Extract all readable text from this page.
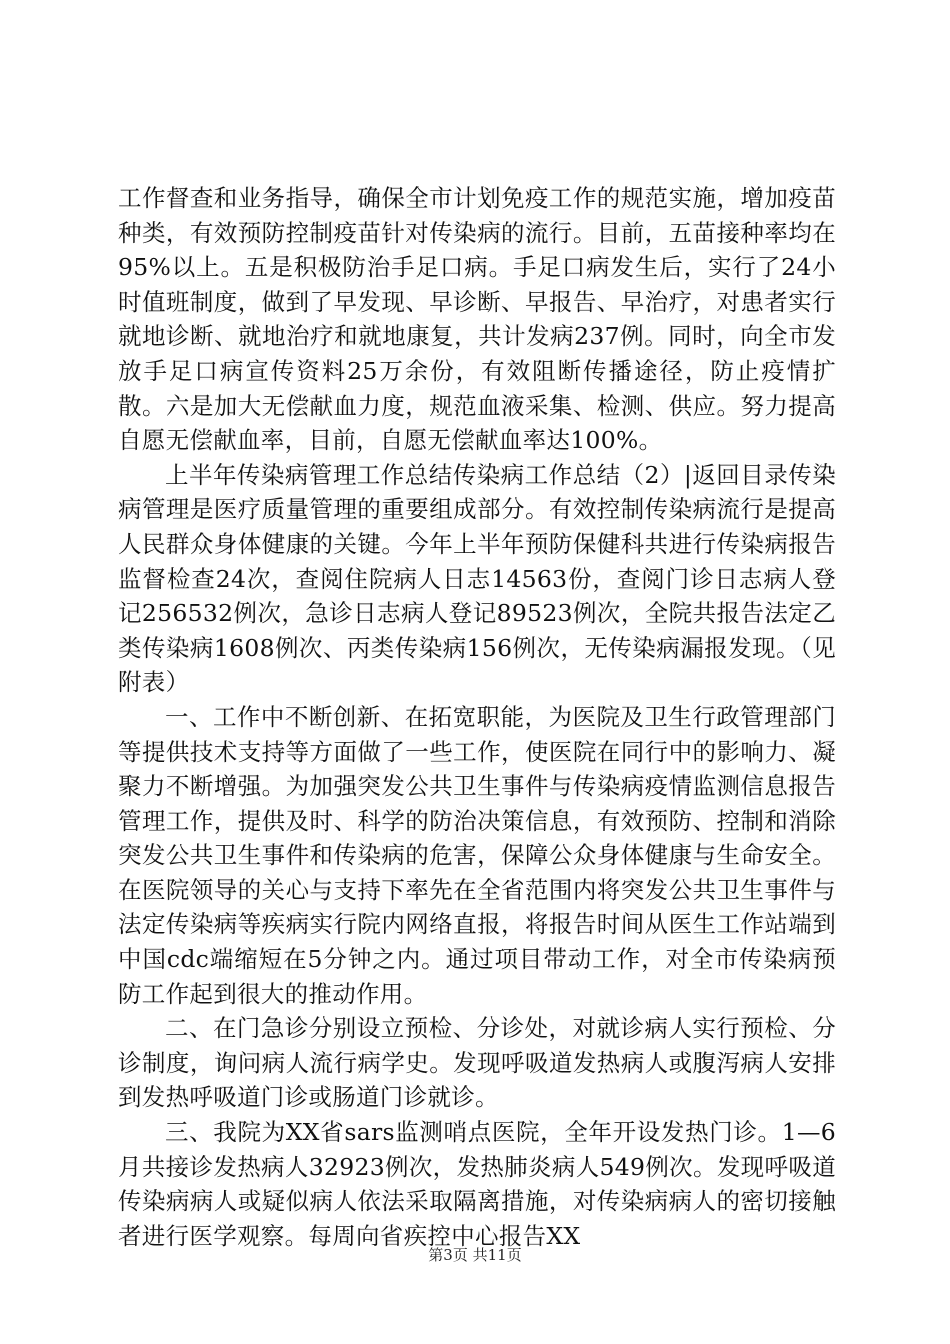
工作督查和业务指导，确保全市计划免疫工作的规范实施，增加疫苗种类，有效预防控制疫苗针对传染病的流行。目前，五苗接种率均在95%以上。五是积极防治手足口病。手足口病发生后，实行了24小时值班制度，做到了早发现、早诊断、早报告、早治疗，对患者实行就地诊断、就地治疗和就地康复，共计发病237例。同时，向全市发放手足口病宣传资料25万余份，有效阻断传播途径，防止疫情扩散。六是加大无偿献血力度，规范血液采集、检测、供应。努力提高自愿无偿献血率，目前，自愿无偿献血率达100%。

上半年传染病管理工作总结传染病工作总结（2）|返回目录传染病管理是医疗质量管理的重要组成部分。有效控制传染病流行是提高人民群众身体健康的关键。今年上半年预防保健科共进行传染病报告监督检查24次，查阅住院病人日志14563份，查阅门诊日志病人登记256532例次，急诊日志病人登记89523例次，全院共报告法定乙类传染病1608例次、丙类传染病156例次，无传染病漏报发现。（见附表）

一、工作中不断创新、在拓宽职能，为医院及卫生行政管理部门等提供技术支持等方面做了一些工作，使医院在同行中的影响力、凝聚力不断增强。为加强突发公共卫生事件与传染病疫情监测信息报告管理工作，提供及时、科学的防治决策信息，有效预防、控制和消除突发公共卫生事件和传染病的危害，保障公众身体健康与生命安全。在医院领导的关心与支持下率先在全省范围内将突发公共卫生事件与法定传染病等疾病实行院内网络直报，将报告时间从医生工作站端到中国cdc端缩短在5分钟之内。通过项目带动工作，对全市传染病预防工作起到很大的推动作用。

二、在门急诊分别设立预检、分诊处，对就诊病人实行预检、分诊制度，询问病人流行病学史。发现呼吸道发热病人或腹泻病人安排到发热呼吸道门诊或肠道门诊就诊。

三、我院为XX省sars监测哨点医院，全年开设发热门诊。1—6月共接诊发热病人32923例次，发热肺炎病人549例次。发现呼吸道传染病病人或疑似病人依法采取隔离措施，对传染病病人的密切接触者进行医学观察。每周向省疾控中心报告XX

第3页 共11页
